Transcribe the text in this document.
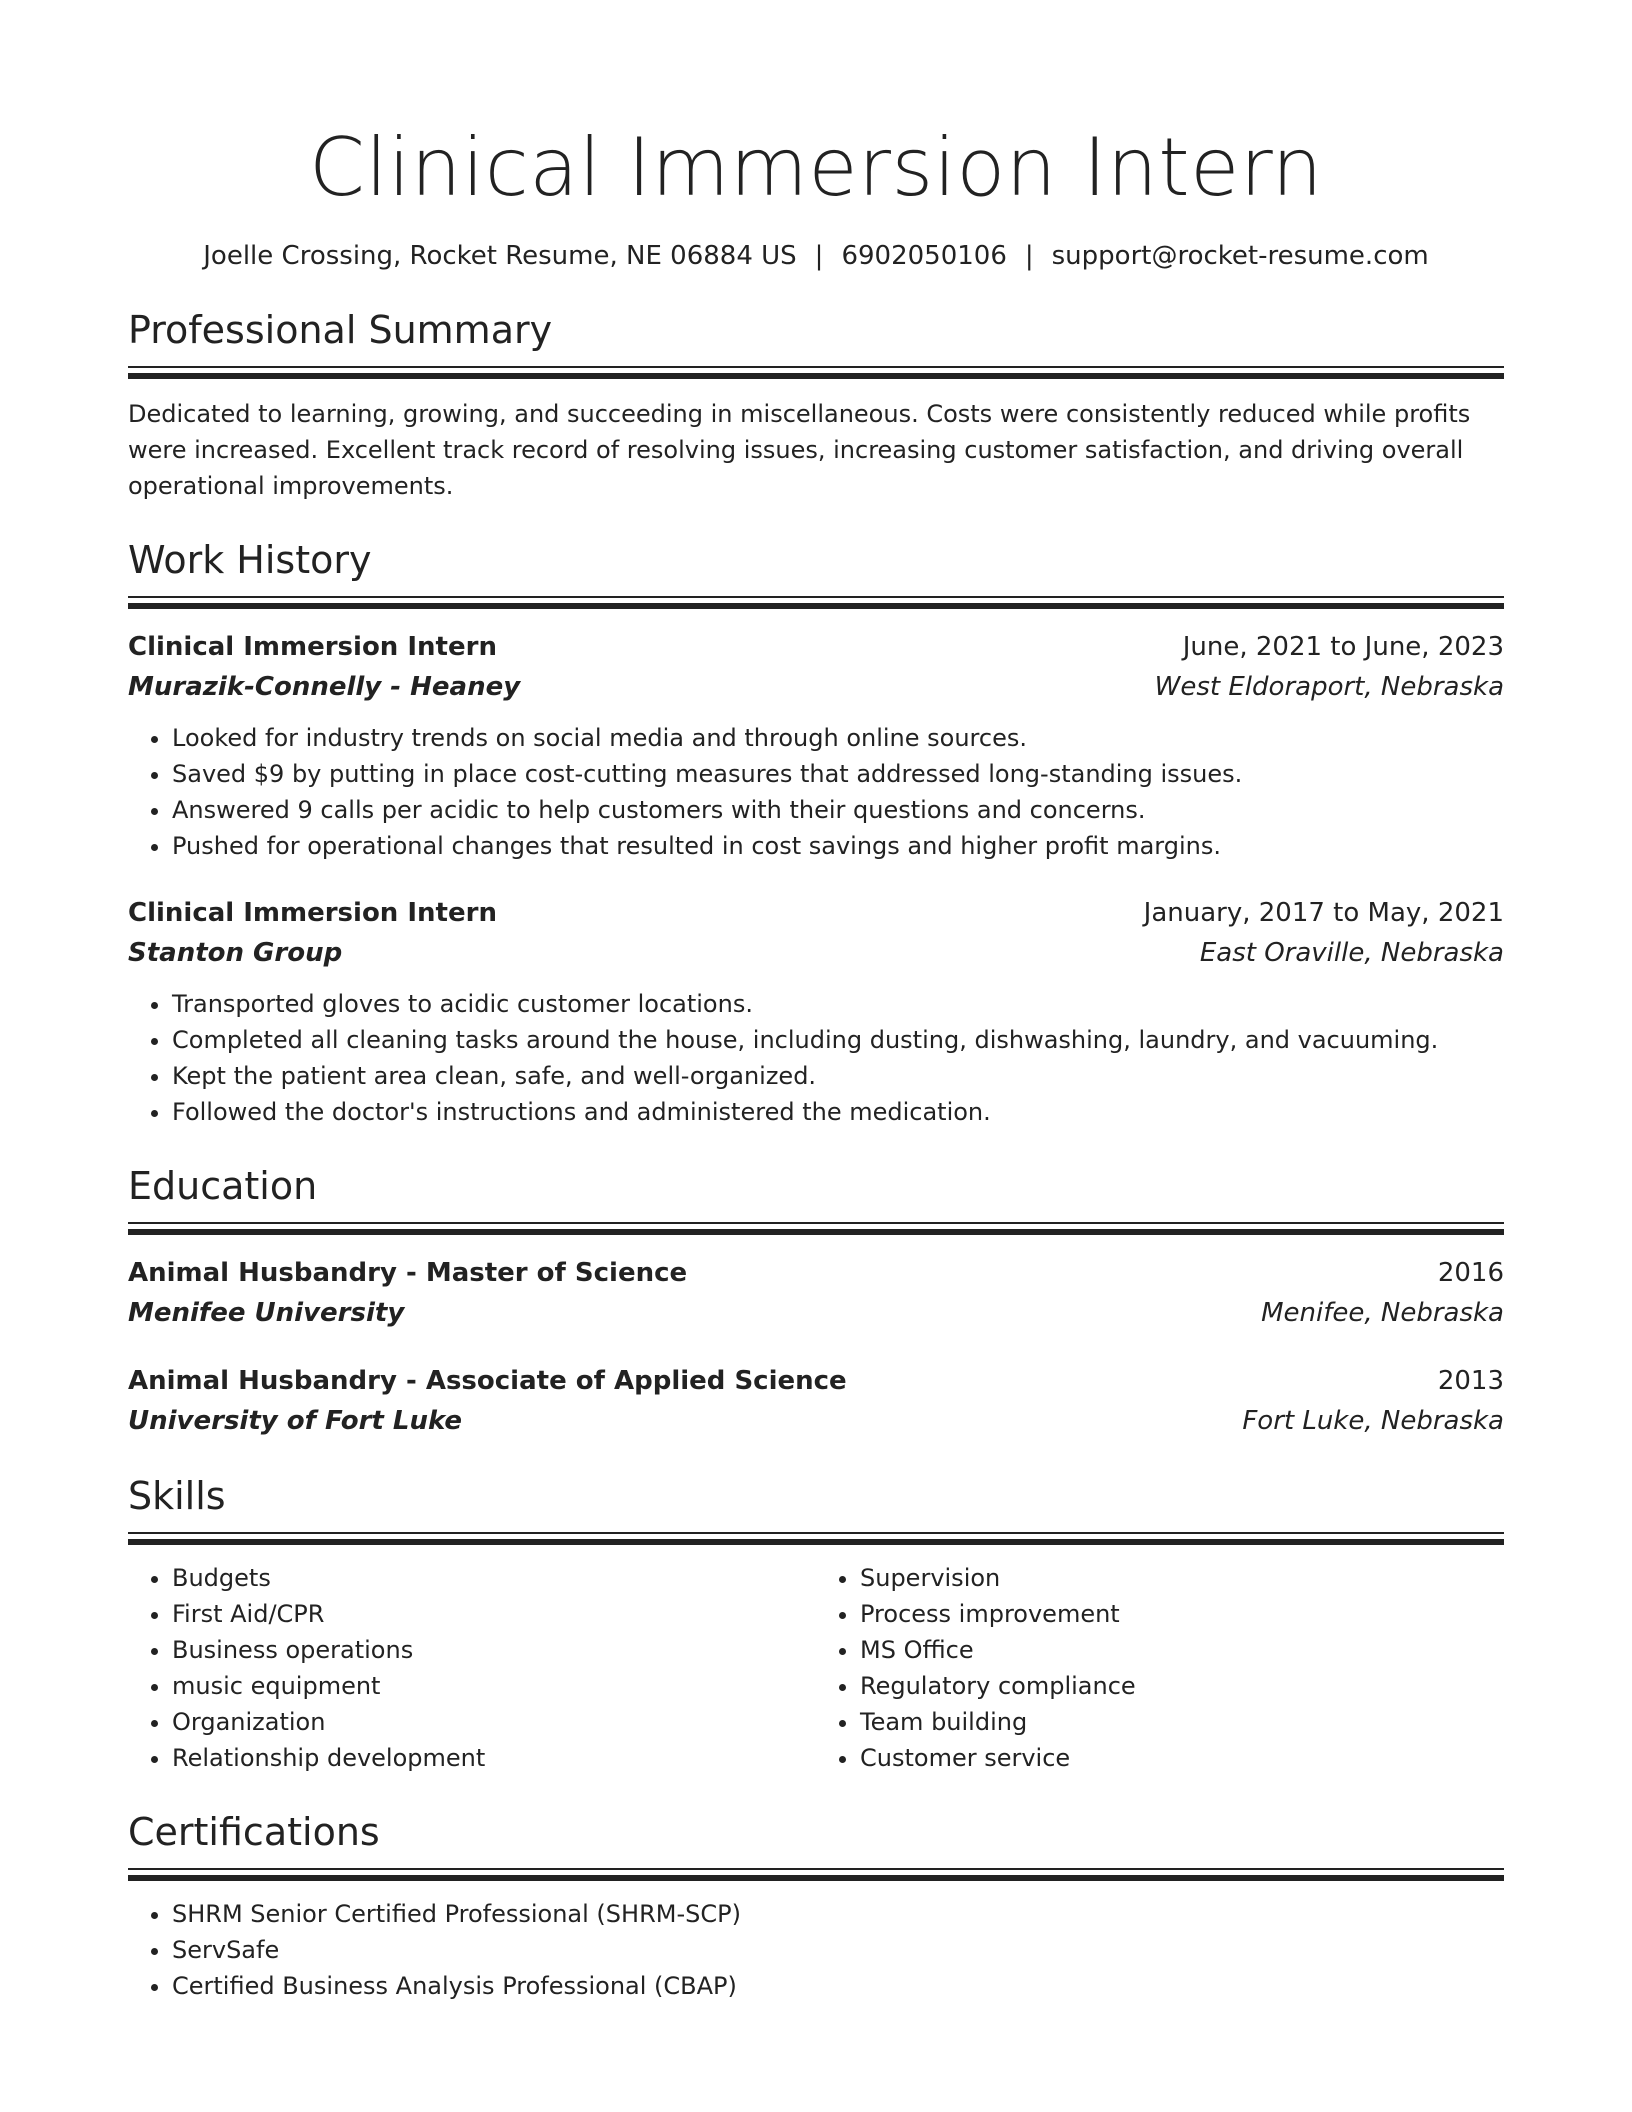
Clinical Immersion Intern
Joelle Crossing, Rocket Resume, NE 06884 US | 6902050106 | support@rocket-resume.com
Professional Summary
Dedicated to learning, growing, and succeeding in miscellaneous. Costs were consistently reduced while profits were increased. Excellent track record of resolving issues, increasing customer satisfaction, and driving overall operational improvements.
Work History
Clinical Immersion Intern	June, 2021 to June, 2023
Murazik-Connelly - Heaney	West Eldoraport, Nebraska
• Looked for industry trends on social media and through online sources.
• Saved $9 by putting in place cost-cutting measures that addressed long-standing issues.
• Answered 9 calls per acidic to help customers with their questions and concerns.
• Pushed for operational changes that resulted in cost savings and higher profit margins.
Clinical Immersion Intern	January, 2017 to May, 2021
Stanton Group	East Oraville, Nebraska
• Transported gloves to acidic customer locations.
• Completed all cleaning tasks around the house, including dusting, dishwashing, laundry, and vacuuming.
• Kept the patient area clean, safe, and well-organized.
• Followed the doctor's instructions and administered the medication.
Education
Animal Husbandry - Master of Science	2016
Menifee University	Menifee, Nebraska
Animal Husbandry - Associate of Applied Science	2013
University of Fort Luke	Fort Luke, Nebraska
Skills
• Budgets
• First Aid/CPR
• Business operations
• music equipment
• Organization
• Relationship development
• Supervision
• Process improvement
• MS Office
• Regulatory compliance
• Team building
• Customer service
Certifications
• SHRM Senior Certified Professional (SHRM-SCP)
• ServSafe
• Certified Business Analysis Professional (CBAP)
